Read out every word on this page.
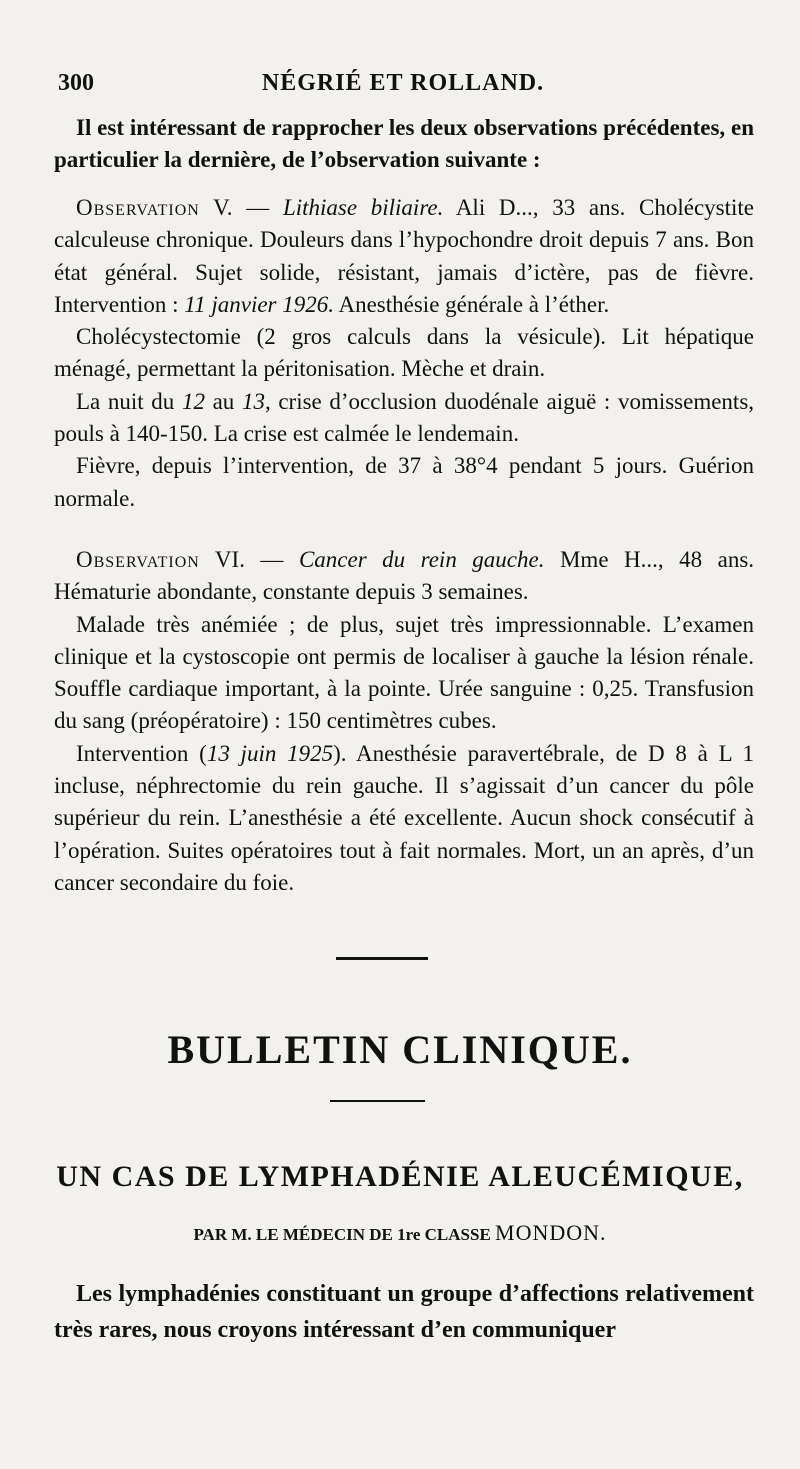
300	NÉGRIÉ ET ROLLAND.

Il est intéressant de rapprocher les deux observations précédentes, en particulier la dernière, de l’observation suivante :

Observation V. — Lithiase biliaire. Ali D..., 33 ans. Cholécystite calculeuse chronique. Douleurs dans l’hypochondre droit depuis 7 ans. Bon état général. Sujet solide, résistant, jamais d’ictère, pas de fièvre. Intervention : 11 janvier 1926. Anesthésie générale à l’éther.

Cholécystectomie (2 gros calculs dans la vésicule). Lit hépatique ménagé, permettant la péritonisation. Mèche et drain.

La nuit du 12 au 13, crise d’occlusion duodénale aiguë : vomissements, pouls à 140-150. La crise est calmée le lendemain.

Fièvre, depuis l’intervention, de 37 à 38°4 pendant 5 jours. Guérion normale.

Observation VI. — Cancer du rein gauche. Mme H..., 48 ans. Hématurie abondante, constante depuis 3 semaines.

Malade très anémiée ; de plus, sujet très impressionnable. L’examen clinique et la cystoscopie ont permis de localiser à gauche la lésion rénale. Souffle cardiaque important, à la pointe. Urée sanguine : 0,25. Transfusion du sang (préopératoire) : 150 centimètres cubes.

Intervention (13 juin 1925). Anesthésie paravertébrale, de D 8 à L 1 incluse, néphrectomie du rein gauche. Il s’agissait d’un cancer du pôle supérieur du rein. L’anesthésie a été excellente. Aucun shock consécutif à l’opération. Suites opératoires tout à fait normales. Mort, un an après, d’un cancer secondaire du foie.

BULLETIN CLINIQUE.
UN CAS DE LYMPHADÉNIE ALEUCÉMIQUE,
PAR M. LE MÉDECIN DE 1re CLASSE MONDON.

Les lymphadénies constituant un groupe d’affections relativement très rares, nous croyons intéressant d’en communiquer
